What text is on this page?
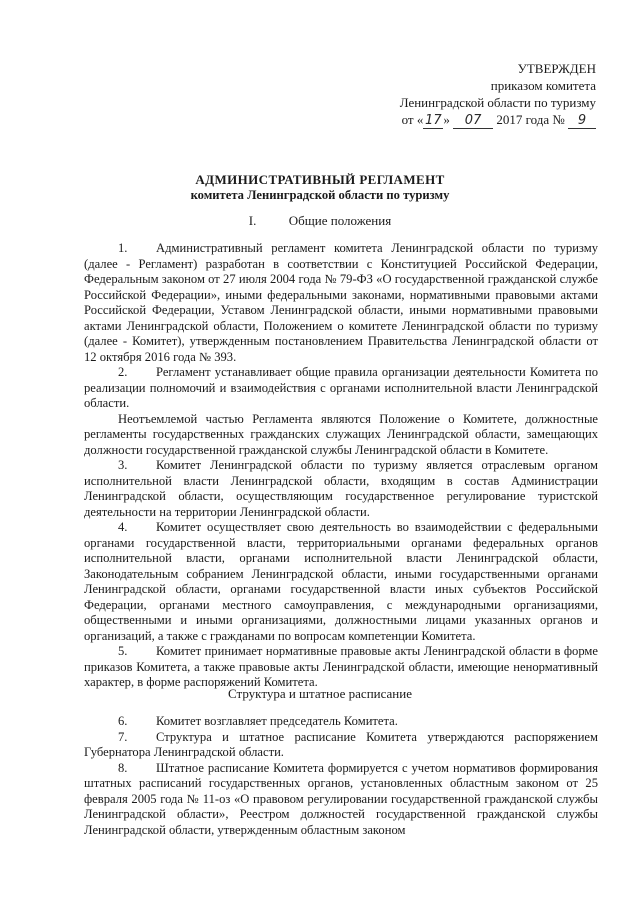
УТВЕРЖДЕН
приказом комитета
Ленинградской области по туризму
от « 17 » 07 2017 года № 9
АДМИНИСТРАТИВНЫЙ РЕГЛАМЕНТ
комитета Ленинградской области по туризму
I. Общие положения

1. Административный регламент комитета Ленинградской области по туризму (далее - Регламент) разработан в соответствии с Конституцией Российской Федерации, Федеральным законом от 27 июля 2004 года № 79-ФЗ «О государственной гражданской службе Российской Федерации», иными федеральными законами, нормативными правовыми актами Российской Федерации, Уставом Ленинградской области, иными нормативными правовыми актами Ленинградской области, Положением о комитете Ленинградской области по туризму (далее - Комитет), утвержденным постановлением Правительства Ленинградской области от 12 октября 2016 года № 393.

2. Регламент устанавливает общие правила организации деятельности Комитета по реализации полномочий и взаимодействия с органами исполнительной власти Ленинградской области.

Неотъемлемой частью Регламента являются Положение о Комитете, должностные регламенты государственных гражданских служащих Ленинградской области, замещающих должности государственной гражданской службы Ленинградской области в Комитете.

3. Комитет Ленинградской области по туризму является отраслевым органом исполнительной власти Ленинградской области, входящим в состав Администрации Ленинградской области, осуществляющим государственное регулирование туристской деятельности на территории Ленинградской области.

4. Комитет осуществляет свою деятельность во взаимодействии с федеральными органами государственной власти, территориальными органами федеральных органов исполнительной власти, органами исполнительной власти Ленинградской области, Законодательным собранием Ленинградской области, иными государственными органами Ленинградской области, органами государственной власти иных субъектов Российской Федерации, органами местного самоуправления, с международными организациями, общественными и иными организациями, должностными лицами указанных органов и организаций, а также с гражданами по вопросам компетенции Комитета.

5. Комитет принимает нормативные правовые акты Ленинградской области в форме приказов Комитета, а также правовые акты Ленинградской области, имеющие ненормативный характер, в форме распоряжений Комитета.

Структура и штатное расписание

6. Комитет возглавляет председатель Комитета.

7. Структура и штатное расписание Комитета утверждаются распоряжением Губернатора Ленинградской области.

8. Штатное расписание Комитета формируется с учетом нормативов формирования штатных расписаний государственных органов, установленных областным законом от 25 февраля 2005 года № 11-оз «О правовом регулировании государственной гражданской службы Ленинградской области», Реестром должностей государственной гражданской службы Ленинградской области, утвержденным областным законом
